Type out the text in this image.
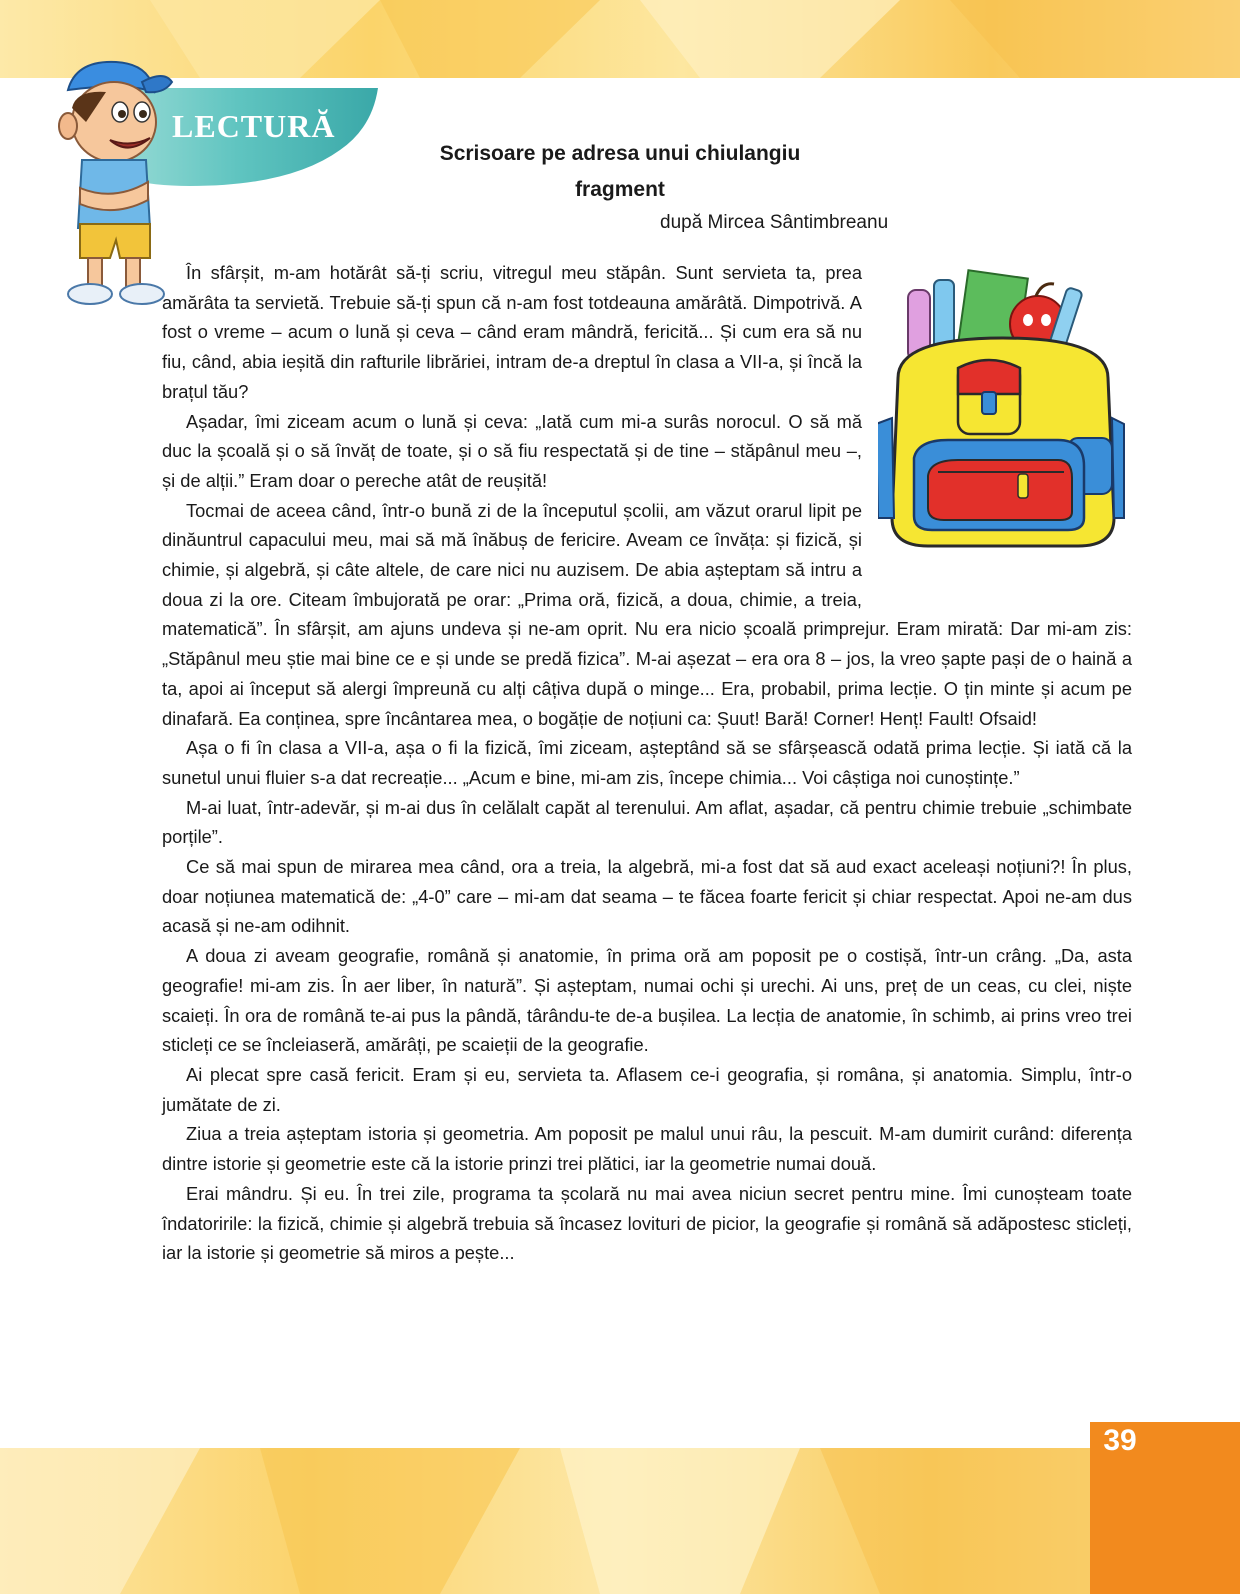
39
LECTURĂ
Scrisoare pe adresa unui chiulangiu
fragment
după Mircea Sântimbreanu

În sfârșit, m-am hotărât să-ți scriu, vitregul meu stăpân. Sunt servieta ta, prea amărâta ta servietă. Trebuie să-ți spun că n-am fost totdeauna amărâtă. Dimpotrivă. A fost o vreme – acum o lună și ceva – când eram mândră, fericită... Și cum era să nu fiu, când, abia ieșită din rafturile librăriei, intram de-a dreptul în clasa a VII-a, și încă la brațul tău?

Așadar, îmi ziceam acum o lună și ceva: „Iată cum mi-a surâs norocul. O să mă duc la școală și o să învăț de toate, și o să fiu respectată și de tine – stăpânul meu –, și de alții.” Eram doar o pereche atât de reușită!

Tocmai de aceea când, într-o bună zi de la începutul școlii, am văzut orarul lipit pe dinăuntrul capacului meu, mai să mă înăbuș de fericire. Aveam ce învăța: și fizică, și chimie, și algebră, și câte altele, de care nici nu auzisem. De abia așteptam să intru a doua zi la ore. Citeam îmbujorată pe orar: „Prima oră, fizică, a doua, chimie, a treia, matematică”. În sfârșit, am ajuns undeva și ne-am oprit. Nu era nicio școală primprejur. Eram mirată: Dar mi-am zis: „Stăpânul meu știe mai bine ce e și unde se predă fizica”. M-ai așezat – era ora 8 – jos, la vreo șapte pași de o haină a ta, apoi ai început să alergi împreună cu alți câțiva după o minge... Era, probabil, prima lecție. O țin minte și acum pe dinafară. Ea conținea, spre încântarea mea, o bogăție de noțiuni ca: Șuut! Bară! Corner! Henț! Fault! Ofsaid!

Așa o fi în clasa a VII-a, așa o fi la fizică, îmi ziceam, așteptând să se sfârșească odată prima lecție. Și iată că la sunetul unui fluier s-a dat recreație... „Acum e bine, mi-am zis, începe chimia... Voi câștiga noi cunoștințe.”

M-ai luat, într-adevăr, și m-ai dus în celălalt capăt al terenului. Am aflat, așadar, că pentru chimie trebuie „schimbate porțile”.

Ce să mai spun de mirarea mea când, ora a treia, la algebră, mi-a fost dat să aud exact aceleași noțiuni?! În plus, doar noțiunea matematică de: „4-0” care – mi-am dat seama – te făcea foarte fericit și chiar respectat. Apoi ne-am dus acasă și ne-am odihnit.

A doua zi aveam geografie, română și anatomie, în prima oră am poposit pe o costișă, într-un crâng. „Da, asta geografie! mi-am zis. În aer liber, în natură”. Și așteptam, numai ochi și urechi. Ai uns, preț de un ceas, cu clei, niște scaieți. În ora de română te-ai pus la pândă, târându-te de-a bușilea. La lecția de anatomie, în schimb, ai prins vreo trei sticleți ce se încleiaseră, amărâți, pe scaieții de la geografie.

Ai plecat spre casă fericit. Eram și eu, servieta ta. Aflasem ce-i geografia, și româna, și anatomia. Simplu, într-o jumătate de zi.

Ziua a treia așteptam istoria și geometria. Am poposit pe malul unui râu, la pescuit. M-am dumirit curând: diferența dintre istorie și geometrie este că la istorie prinzi trei plătici, iar la geometrie numai două.

Erai mândru. Și eu. În trei zile, programa ta școlară nu mai avea niciun secret pentru mine. Îmi cunoșteam toate îndatoririle: la fizică, chimie și algebră trebuia să încasez lovituri de picior, la geografie și română să adăpostesc sticleți, iar la istorie și geometrie să miros a pește...
